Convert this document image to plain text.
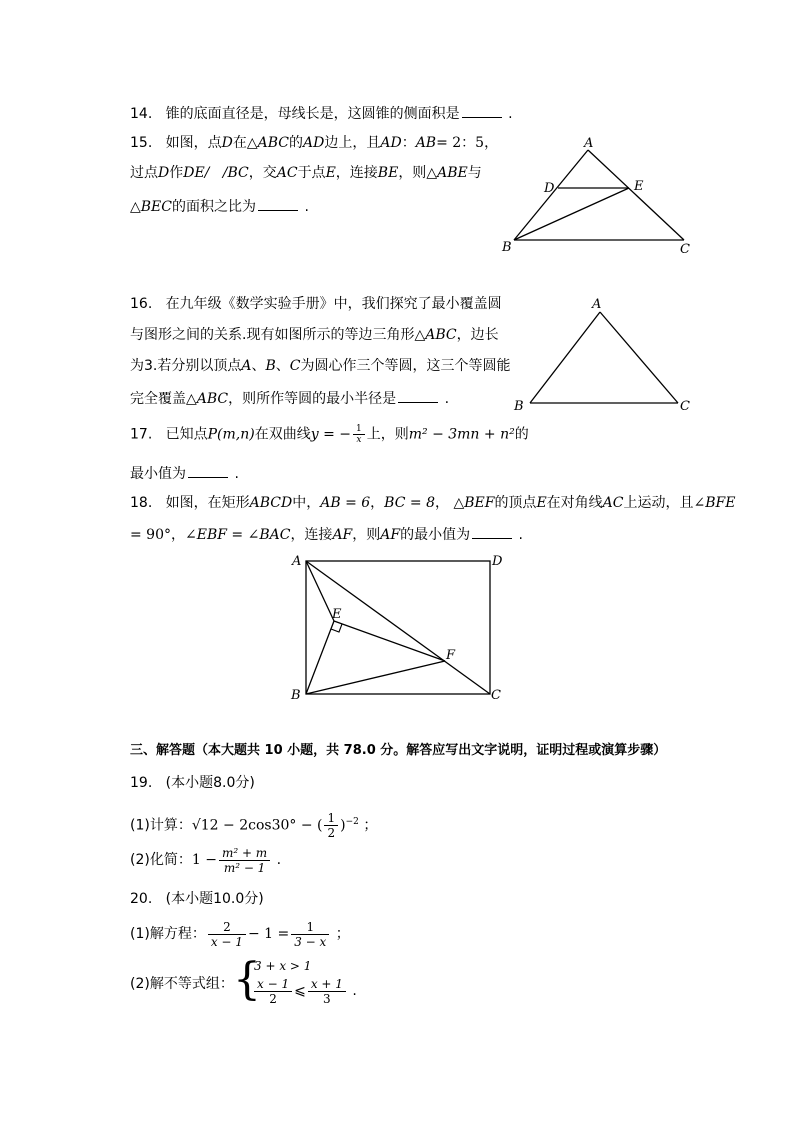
14. 锥的底面直径是，母线长是，这圆锥的侧面积是	.
15. 如图，点D在△ABC的AD边上，且AD：AB= 2：5，
过点D作DE/   /BC，交AC于点E，连接BE，则△ABE与
△BEC的面积之比为	.
A
B	C
D	E
16. 在九年级《数学实验手册》中，我们探究了最小覆盖圆
与图形之间的关系.现有如图所示的等边三角形△ABC，边长
为3.若分别以顶点A、B、C为圆心作三个等圆，这三个等圆能
完全覆盖△ABC，则所作等圆的最小半径是	.
A
B	C
17. 已知点P(m,n)在双曲线y = − $\frac{1}{x}$ 上，则m² − 3mn + n²的
最小值为	.
18. 如图，在矩形ABCD中，AB = 6，BC = 8， △BEF的顶点E在对角线AC上运动，且∠BFE
= 90°，∠EBF = ∠BAC，连接AF，则AF的最小值为	.
A	D
B	C
E
F
三、解答题（本大题共 10 小题，共 78.0 分。解答应写出文字说明，证明过程或演算步骤）
19. (本小题8.0分)
(1)计算：√12 − 2cos30° − ( $\frac{1}{2} )^{-2}$ ；
(2)化简：$1 - \frac{\text{m² + m}}{\text{m² − 1}}$ .
20. (本小题10.0分)
(1)解方程： $\frac{2}{x - 1} - 1 = \frac{1}{3 - x}$ ；
(2)解不等式组： {
3 + x > 1
$\frac{x - 1}{2}$ ⩽ $\frac{x + 1}{3}$ .
